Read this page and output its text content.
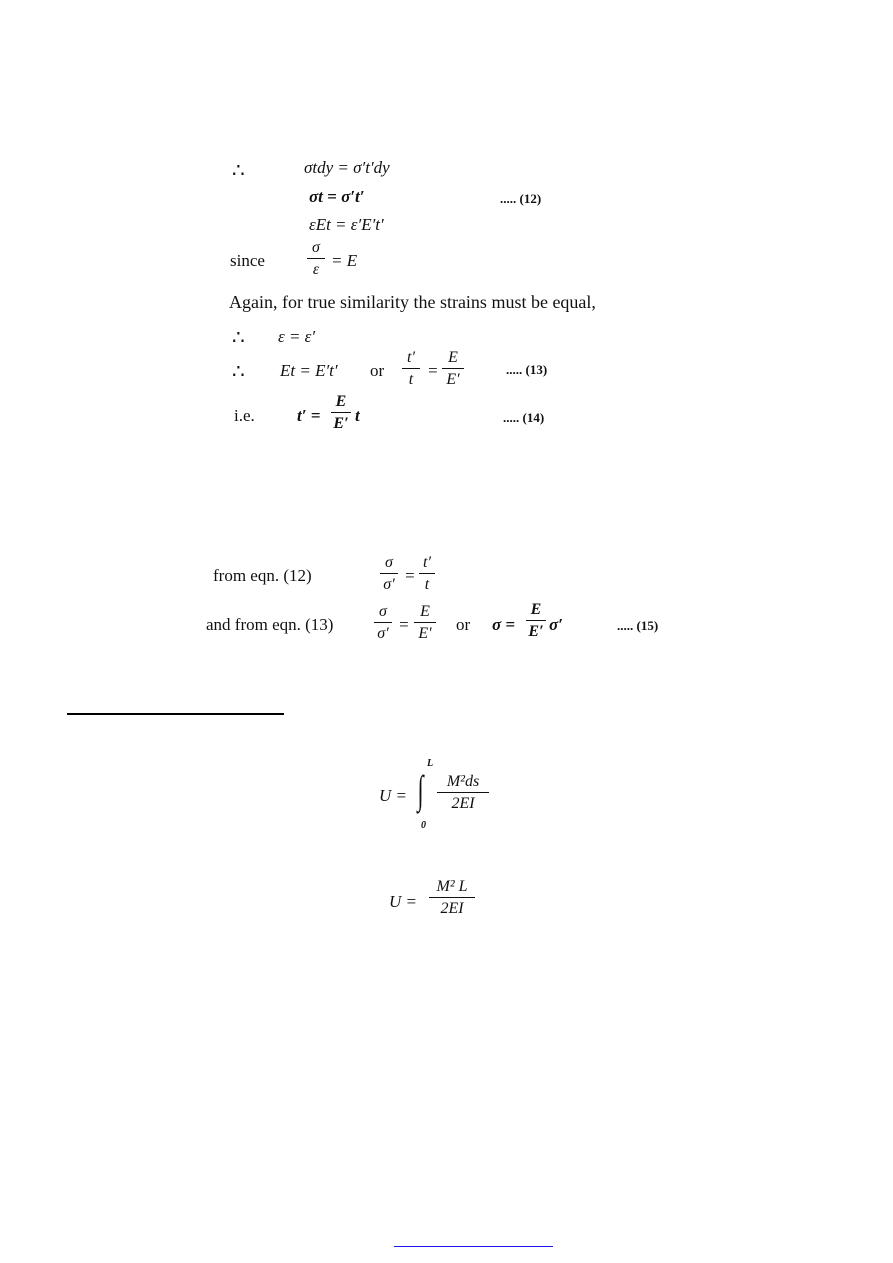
∴	σtdy = σ′t′dy
σt = σ′t′	..... (12)
εEt = ε′E′t′
since
σ
ε = E
Again, for true similarity the strains must be equal,
∴ ε = ε′
∴ Et = E′t′ or
t′
t =
E
E′
..... (13)
i.e. t′ =
E
E′ t	..... (14)
from eqn. (12)
σ
σ′ =
t′
t
and from eqn. (13)
σ
σ′ =
E
E′ or σ =
E
E′ σ′	..... (15)
U =
L
∫
0
M²ds
2EI
U =
M² L
2EI
